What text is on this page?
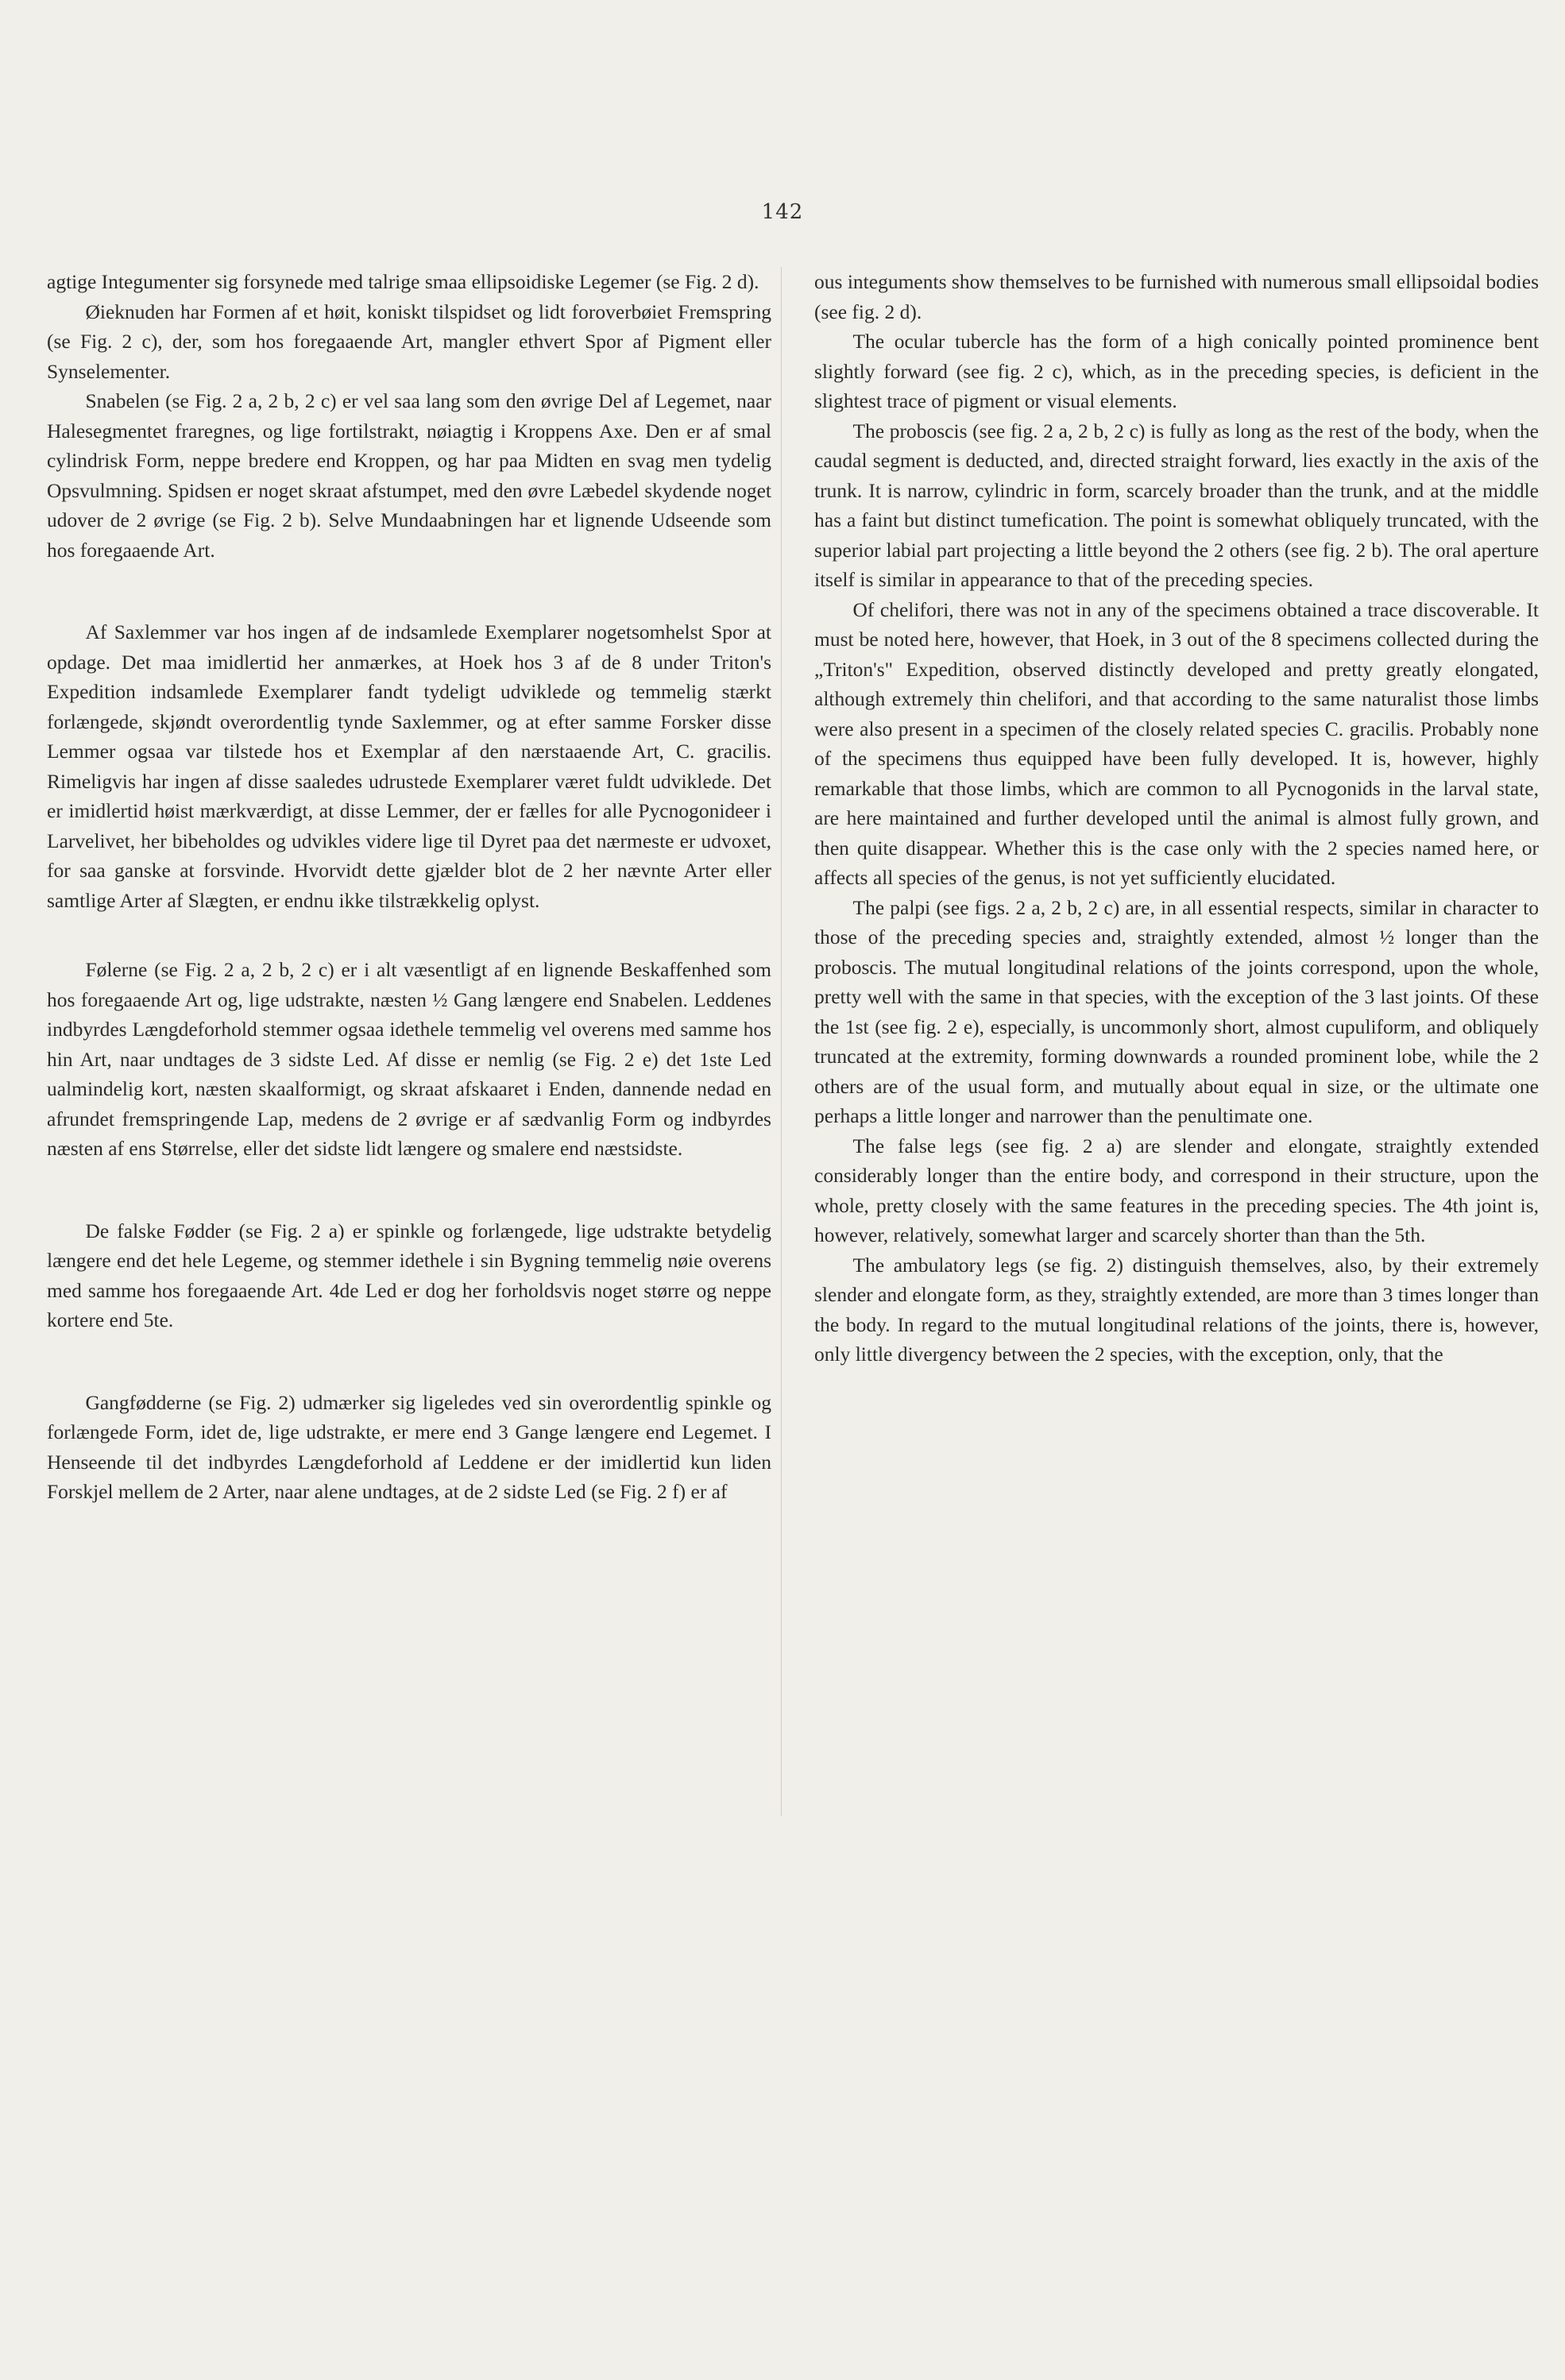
142

agtige Integumenter sig forsynede med talrige smaa ellipsoidiske Legemer (se Fig. 2 d).

Øieknuden har Formen af et høit, koniskt tilspidset og lidt foroverbøiet Fremspring (se Fig. 2 c), der, som hos foregaaende Art, mangler ethvert Spor af Pigment eller Synselementer.

Snabelen (se Fig. 2 a, 2 b, 2 c) er vel saa lang som den øvrige Del af Legemet, naar Halesegmentet fraregnes, og lige fortilstrakt, nøiagtig i Kroppens Axe. Den er af smal cylindrisk Form, neppe bredere end Kroppen, og har paa Midten en svag men tydelig Opsvulmning. Spidsen er noget skraat afstumpet, med den øvre Læbedel skydende noget udover de 2 øvrige (se Fig. 2 b). Selve Mundaabningen har et lignende Udseende som hos foregaaende Art.

Af Saxlemmer var hos ingen af de indsamlede Exemplarer nogetsomhelst Spor at opdage. Det maa imidlertid her anmærkes, at Hoek hos 3 af de 8 under Triton's Expedition indsamlede Exemplarer fandt tydeligt udviklede og temmelig stærkt forlængede, skjøndt overordentlig tynde Saxlemmer, og at efter samme Forsker disse Lemmer ogsaa var tilstede hos et Exemplar af den nærstaaende Art, C. gracilis. Rimeligvis har ingen af disse saaledes udrustede Exemplarer været fuldt udviklede. Det er imidlertid høist mærkværdigt, at disse Lemmer, der er fælles for alle Pycnogonideer i Larvelivet, her bibeholdes og udvikles videre lige til Dyret paa det nærmeste er udvoxet, for saa ganske at forsvinde. Hvorvidt dette gjælder blot de 2 her nævnte Arter eller samtlige Arter af Slægten, er endnu ikke tilstrækkelig oplyst.

Følerne (se Fig. 2 a, 2 b, 2 c) er i alt væsentligt af en lignende Beskaffenhed som hos foregaaende Art og, lige udstrakte, næsten ½ Gang længere end Snabelen. Leddenes indbyrdes Længdeforhold stemmer ogsaa idethele temmelig vel overens med samme hos hin Art, naar undtages de 3 sidste Led. Af disse er nemlig (se Fig. 2 e) det 1ste Led ualmindelig kort, næsten skaalformigt, og skraat afskaaret i Enden, dannende nedad en afrundet fremspringende Lap, medens de 2 øvrige er af sædvanlig Form og indbyrdes næsten af ens Størrelse, eller det sidste lidt længere og smalere end næstsidste.

De falske Fødder (se Fig. 2 a) er spinkle og forlængede, lige udstrakte betydelig længere end det hele Legeme, og stemmer idethele i sin Bygning temmelig nøie overens med samme hos foregaaende Art. 4de Led er dog her forholdsvis noget større og neppe kortere end 5te.

Gangfødderne (se Fig. 2) udmærker sig ligeledes ved sin overordentlig spinkle og forlængede Form, idet de, lige udstrakte, er mere end 3 Gange længere end Legemet. I Henseende til det indbyrdes Længdeforhold af Leddene er der imidlertid kun liden Forskjel mellem de 2 Arter, naar alene undtages, at de 2 sidste Led (se Fig. 2 f) er af

ous integuments show themselves to be furnished with numerous small ellipsoidal bodies (see fig. 2 d).

The ocular tubercle has the form of a high conically pointed prominence bent slightly forward (see fig. 2 c), which, as in the preceding species, is deficient in the slightest trace of pigment or visual elements.

The proboscis (see fig. 2 a, 2 b, 2 c) is fully as long as the rest of the body, when the caudal segment is deducted, and, directed straight forward, lies exactly in the axis of the trunk. It is narrow, cylindric in form, scarcely broader than the trunk, and at the middle has a faint but distinct tumefication. The point is somewhat obliquely truncated, with the superior labial part projecting a little beyond the 2 others (see fig. 2 b). The oral aperture itself is similar in appearance to that of the preceding species.

Of chelifori, there was not in any of the specimens obtained a trace discoverable. It must be noted here, however, that Hoek, in 3 out of the 8 specimens collected during the „Triton's" Expedition, observed distinctly developed and pretty greatly elongated, although extremely thin chelifori, and that according to the same naturalist those limbs were also present in a specimen of the closely related species C. gracilis. Probably none of the specimens thus equipped have been fully developed. It is, however, highly remarkable that those limbs, which are common to all Pycnogonids in the larval state, are here maintained and further developed until the animal is almost fully grown, and then quite disappear. Whether this is the case only with the 2 species named here, or affects all species of the genus, is not yet sufficiently elucidated.

The palpi (see figs. 2 a, 2 b, 2 c) are, in all essential respects, similar in character to those of the preceding species and, straightly extended, almost ½ longer than the proboscis. The mutual longitudinal relations of the joints correspond, upon the whole, pretty well with the same in that species, with the exception of the 3 last joints. Of these the 1st (see fig. 2 e), especially, is uncommonly short, almost cupuliform, and obliquely truncated at the extremity, forming downwards a rounded prominent lobe, while the 2 others are of the usual form, and mutually about equal in size, or the ultimate one perhaps a little longer and narrower than the penultimate one.

The false legs (see fig. 2 a) are slender and elongate, straightly extended considerably longer than the entire body, and correspond in their structure, upon the whole, pretty closely with the same features in the preceding species. The 4th joint is, however, relatively, somewhat larger and scarcely shorter than than the 5th.

The ambulatory legs (se fig. 2) distinguish themselves, also, by their extremely slender and elongate form, as they, straightly extended, are more than 3 times longer than the body. In regard to the mutual longitudinal relations of the joints, there is, however, only little divergency between the 2 species, with the exception, only, that the
